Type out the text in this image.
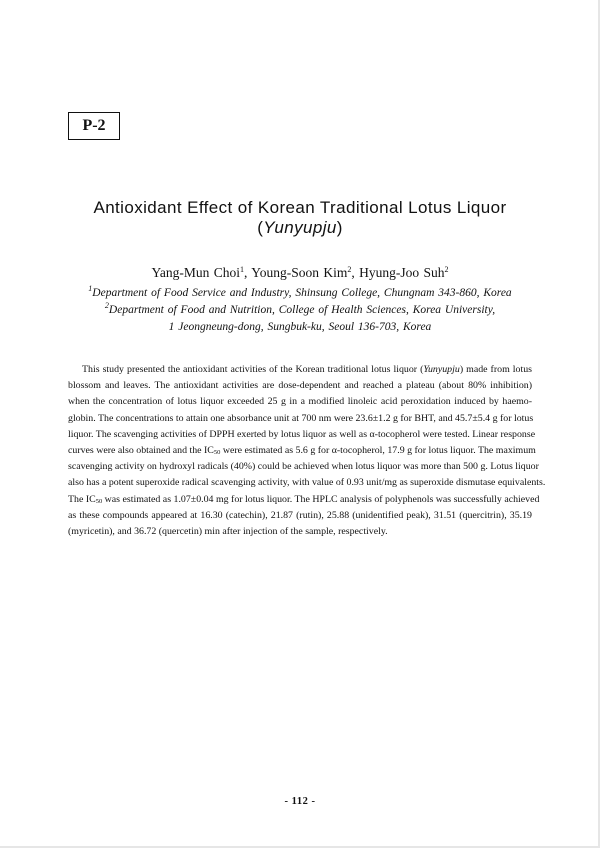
P-2
Antioxidant Effect of Korean Traditional Lotus Liquor
(Yunyupju)
Yang-Mun Choi$^1$, Young-Soon Kim$^2$, Hyung-Joo Suh$^2$
$^1$Department of Food Service and Industry, Shinsung College, Chungnam 343-860, Korea
$^2$Department of Food and Nutrition, College of Health Sciences, Korea University,
1 Jeongneung-dong, Sungbuk-ku, Seoul 136-703, Korea
This study presented the antioxidant activities of the Korean traditional lotus liquor (Yunyupju) made from lotus
blossom and leaves. The antioxidant activities are dose-dependent and reached a plateau (about 80% inhibition)
when the concentration of lotus liquor exceeded 25 g in a modified linoleic acid peroxidation induced by haemo-
globin. The concentrations to attain one absorbance unit at 700 nm were 23.6±1.2 g for BHT, and 45.7±5.4 g for lotus
liquor. The scavenging activities of DPPH exerted by lotus liquor as well as α-tocopherol were tested. Linear response
curves were also obtained and the $IC_{50}$ were estimated as 5.6 g for α-tocopherol, 17.9 g for lotus liquor. The maximum
scavenging activity on hydroxyl radicals (40%) could be achieved when lotus liquor was more than 500 g. Lotus liquor
also has a potent superoxide radical scavenging activity, with value of 0.93 unit/mg as superoxide dismutase equivalents.
The $IC_{50}$ was estimated as 1.07±0.04 mg for lotus liquor. The HPLC analysis of polyphenols was successfully achieved
as these compounds appeared at 16.30 (catechin), 21.87 (rutin), 25.88 (unidentified peak), 31.51 (quercitrin), 35.19
(myricetin), and 36.72 (quercetin) min after injection of the sample, respectively.
- 112 -
